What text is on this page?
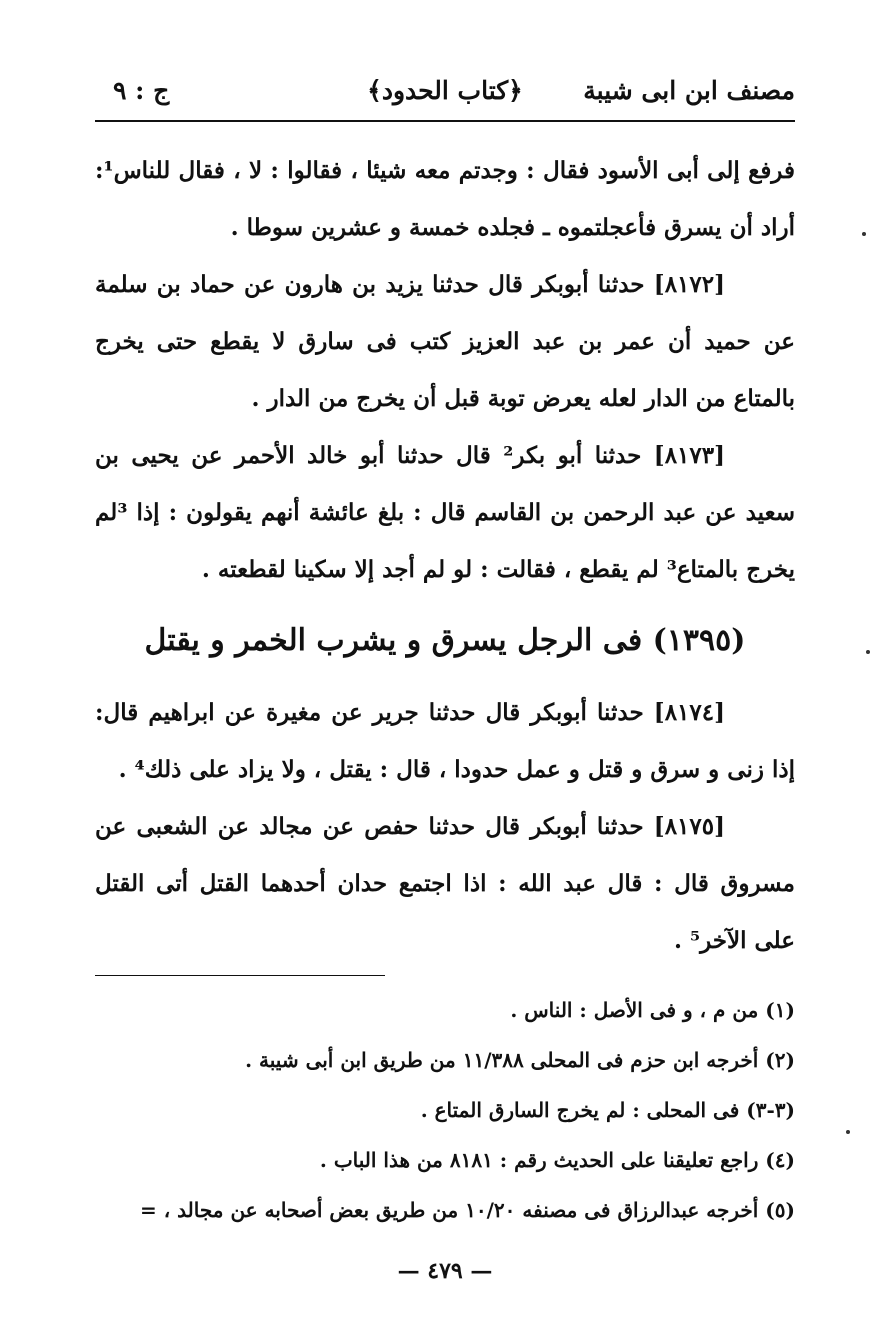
مصنف ابن ابى شيبة
﴿كتاب الحدود﴾
ج : ٩

فرفع إلى أبى الأسود فقال : وجدتم معه شيئا ، فقالوا : لا ، فقال للناس¹: أراد أن يسرق فأعجلتموه ـ فجلده خمسة و عشرين سوطا .

[٨١٧٢] حدثنا أبوبكر قال حدثنا يزيد بن هارون عن حماد بن سلمة عن حميد أن عمر بن عبد العزيز كتب فى سارق لا يقطع حتى يخرج بالمتاع من الدار لعله يعرض توبة قبل أن يخرج من الدار .

[٨١٧٣] حدثنا أبو بكر² قال حدثنا أبو خالد الأحمر عن يحيى بن سعيد عن عبد الرحمن بن القاسم قال : بلغ عائشة أنهم يقولون : إذا ³لم يخرج بالمتاع³ لم يقطع ، فقالت : لو لم أجد إلا سكينا لقطعته .

(١٣٩٥) فى الرجل يسرق و يشرب الخمر و يقتل

[٨١٧٤] حدثنا أبوبكر قال حدثنا جرير عن مغيرة عن ابراهيم قال: إذا زنى و سرق و قتل و عمل حدودا ، قال : يقتل ، ولا يزاد على ذلك⁴ .

[٨١٧٥] حدثنا أبوبكر قال حدثنا حفص عن مجالد عن الشعبى عن مسروق قال : قال عبد الله : اذا اجتمع حدان أحدهما القتل أتى القتل على الآخر⁵ .

(١) من م ، و فى الأصل : الناس .
(٢) أخرجه ابن حزم فى المحلى ١١/٣٨٨ من طريق ابن أبى شيبة .
(٣-٣) فى المحلى : لم يخرج السارق المتاع .
(٤) راجع تعليقنا على الحديث رقم : ٨١٨١ من هذا الباب .
(٥) أخرجه عبدالرزاق فى مصنفه ١٠/٢٠ من طريق بعض أصحابه عن مجالد ، =
— ٤٧٩ —
